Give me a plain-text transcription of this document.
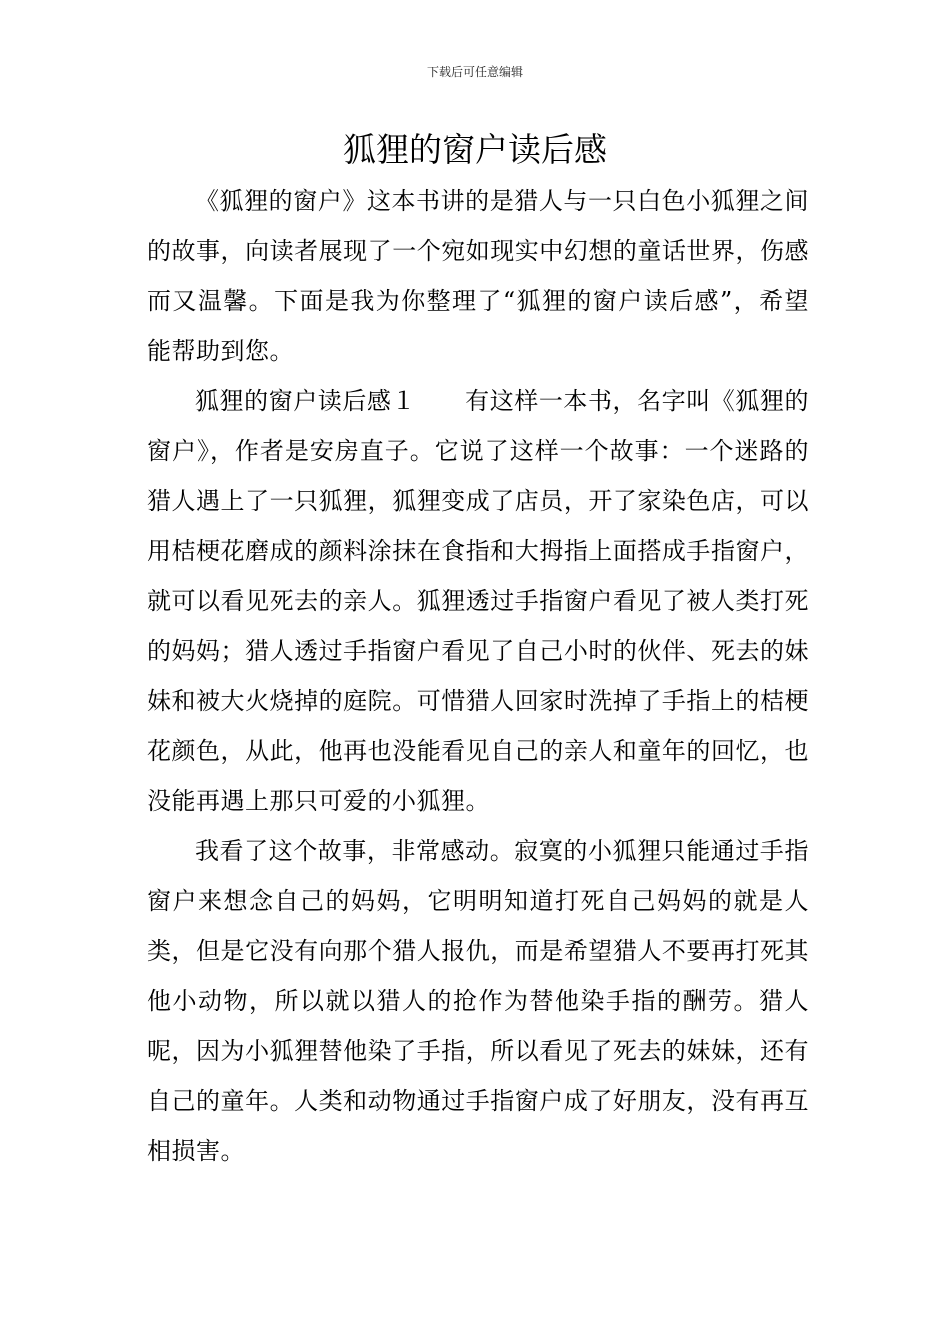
下载后可任意编辑
狐狸的窗户读后感

《狐狸的窗户》这本书讲的是猎人与一只白色小狐狸之间的故事，向读者展现了一个宛如现实中幻想的童话世界，伤感而又温馨。下面是我为你整理了“狐狸的窗户读后感”，希望能帮助到您。

狐狸的窗户读后感１　　有这样一本书，名字叫《狐狸的窗户》，作者是安房直子。它说了这样一个故事：一个迷路的猎人遇上了一只狐狸，狐狸变成了店员，开了家染色店，可以用桔梗花磨成的颜料涂抹在食指和大拇指上面搭成手指窗户，就可以看见死去的亲人。狐狸透过手指窗户看见了被人类打死的妈妈；猎人透过手指窗户看见了自己小时的伙伴、死去的妹妹和被大火烧掉的庭院。可惜猎人回家时洗掉了手指上的桔梗花颜色，从此，他再也没能看见自己的亲人和童年的回忆，也没能再遇上那只可爱的小狐狸。

我看了这个故事，非常感动。寂寞的小狐狸只能通过手指窗户来想念自己的妈妈，它明明知道打死自己妈妈的就是人类，但是它没有向那个猎人报仇，而是希望猎人不要再打死其他小动物，所以就以猎人的抢作为替他染手指的酬劳。猎人呢，因为小狐狸替他染了手指，所以看见了死去的妹妹，还有自己的童年。人类和动物通过手指窗户成了好朋友，没有再互相损害。
